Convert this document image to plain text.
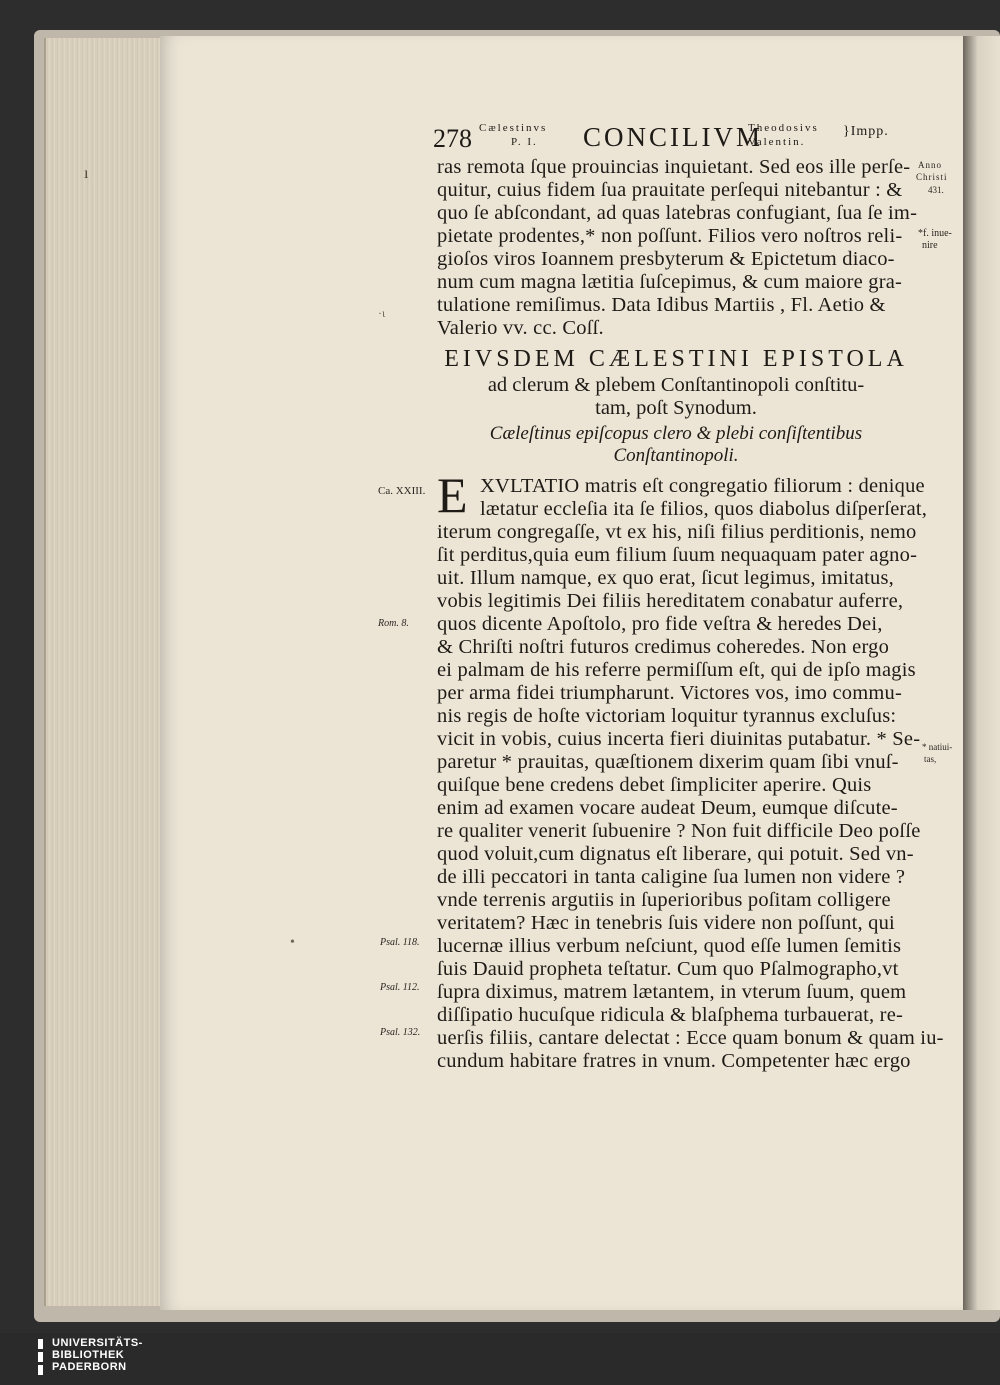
278 Cælestinvs
P. I. CONCILIVM
Theodosivs
Valentin.
}Impp.
ras remota ſque prouincias inquietant. Sed eos ille perſe-
quitur, cuius fidem ſua prauitate perſequi nitebantur : &
quo ſe abſcondant, ad quas latebras confugiant, ſua ſe im-
pietate prodentes,* non poſſunt. Filios vero noſtros reli-
gioſos viros Ioannem presbyterum & Epictetum diaco-
num cum magna lætitia ſuſcepimus, & cum maiore gra-
tulatione remiſimus. Data Idibus Martiis , Fl. Aetio &
Valerio vv. cc. Coſſ.
EIVSDEM CÆLESTINI EPISTOLA
ad clerum & plebem Conſtantinopoli conſtitu-
tam, poſt Synodum.
Cæleſtinus epiſcopus clero & plebi conſiſtentibus
Conſtantinopoli.
E XVLTATIO matris eſt congregatio filiorum : denique
lætatur eccleſia ita ſe filios, quos diabolus diſperſerat,
iterum congregaſſe, vt ex his, niſi filius perditionis, nemo
ſit perditus,quia eum filium ſuum nequaquam pater agno-
uit. Illum namque, ex quo erat, ſicut legimus, imitatus,
vobis legitimis Dei filiis hereditatem conabatur auferre,
quos dicente Apoſtolo, pro fide veſtra & heredes Dei,
& Chriſti noſtri futuros credimus coheredes. Non ergo
ei palmam de his referre permiſſum eſt, qui de ipſo magis
per arma fidei triumpharunt. Victores vos, imo commu-
nis regis de hoſte victoriam loquitur tyrannus excluſus:
vicit in vobis, cuius incerta fieri diuinitas putabatur. * Se-
paretur * prauitas, quæſtionem dixerim quam ſibi vnuſ-
quiſque bene credens debet ſimpliciter aperire. Quis
enim ad examen vocare audeat Deum, eumque diſcute-
re qualiter venerit ſubuenire ? Non fuit difficile Deo poſſe
quod voluit,cum dignatus eſt liberare, qui potuit. Sed vn-
de illi peccatori in tanta caligine ſua lumen non videre ?
vnde terrenis argutiis in ſuperioribus poſitam colligere
veritatem? Hæc in tenebris ſuis videre non poſſunt, qui
lucernæ illius verbum neſciunt, quod eſſe lumen ſemitis
ſuis Dauid propheta teſtatur. Cum quo Pſalmographo,vt
ſupra diximus, matrem lætantem, in vterum ſuum, quem
diſſipatio hucuſque ridicula & blaſphema turbauerat, re-
uerſis filiis, cantare delectat : Ecce quam bonum & quam iu-
cundum habitare fratres in vnum. Competenter hæc ergo
Anno
Christi
431.
*f. inue-
nire
Ca. XXIII.
Rom. 8.
* natiui-
tas,
Psal. 118.
Psal. 112.
Psal. 132.
·ɩ
•
ı
UNIVERSITÄTS-
BIBLIOTHEK
PADERBORN
